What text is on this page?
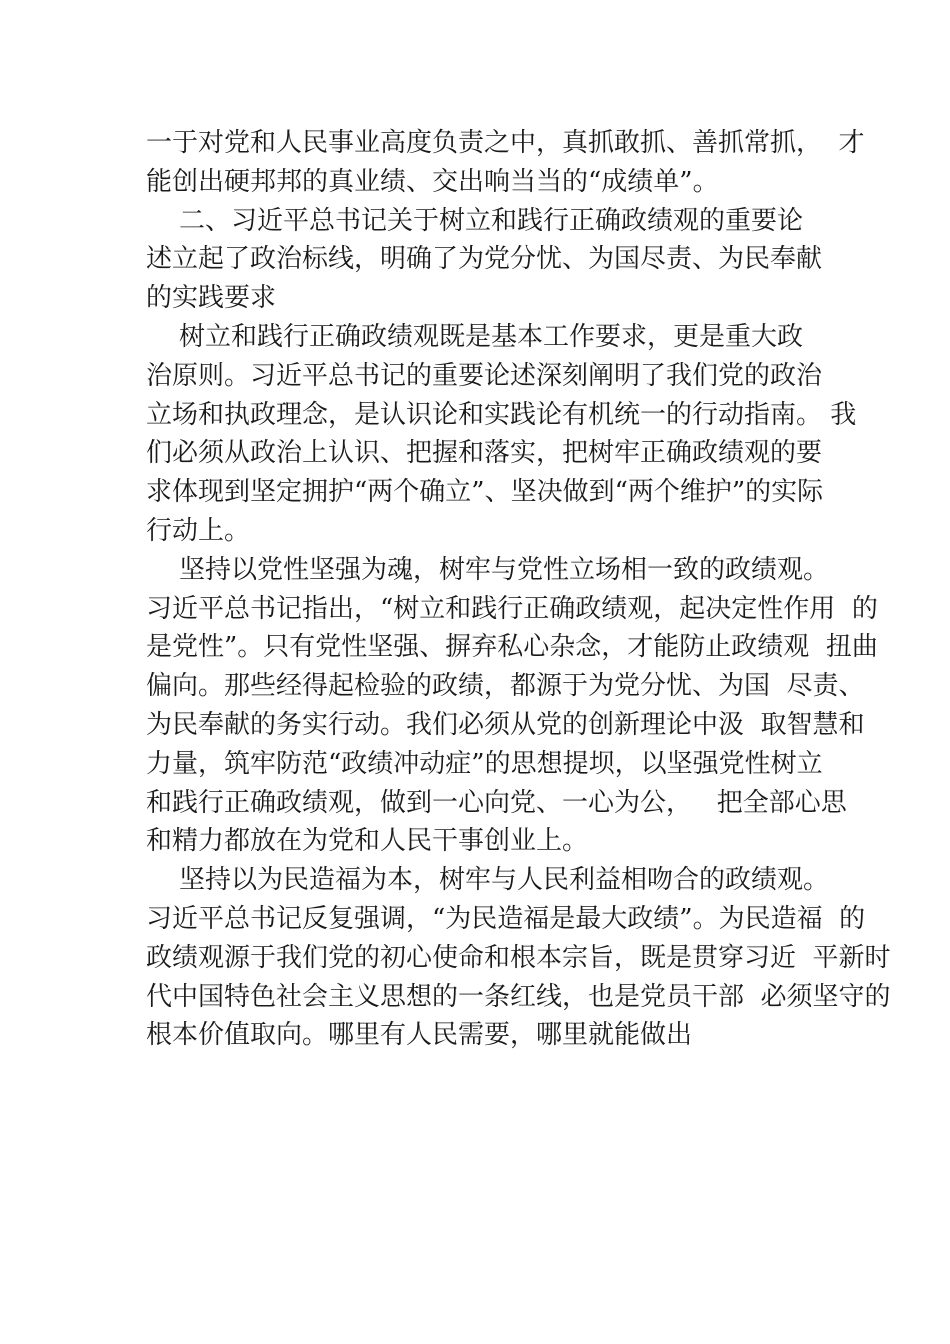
一于对党和人民事业高度负责之中，真抓敢抓、善抓常抓，  才
能创出硬邦邦的真业绩、交出响当当的“成绩单”。
二、习近平总书记关于树立和践行正确政绩观的重要论
述立起了政治标线，明确了为党分忧、为国尽责、为民奉献
的实践要求
树立和践行正确政绩观既是基本工作要求，更是重大政
治原则。习近平总书记的重要论述深刻阐明了我们党的政治
立场和执政理念，是认识论和实践论有机统一的行动指南。 我
们必须从政治上认识、把握和落实，把树牢正确政绩观的要
求体现到坚定拥护“两个确立”、坚决做到“两个维护”的实际
行动上。
坚持以党性坚强为魂，树牢与党性立场相一致的政绩观。
习近平总书记指出，“树立和践行正确政绩观，起决定性作用  的
是党性”。只有党性坚强、摒弃私心杂念，才能防止政绩观  扭曲
偏向。那些经得起检验的政绩，都源于为党分忧、为国  尽责、
为民奉献的务实行动。我们必须从党的创新理论中汲  取智慧和
力量，筑牢防范“政绩冲动症”的思想提坝，以坚强党性树立
和践行正确政绩观，做到一心向党、一心为公，   把全部心思
和精力都放在为党和人民干事创业上。
坚持以为民造福为本，树牢与人民利益相吻合的政绩观。
习近平总书记反复强调，“为民造福是最大政绩”。为民造福  的
政绩观源于我们党的初心使命和根本宗旨，既是贯穿习近  平新时
代中国特色社会主义思想的一条红线，也是党员干部  必须坚守的
根本价值取向。哪里有人民需要，哪里就能做出
